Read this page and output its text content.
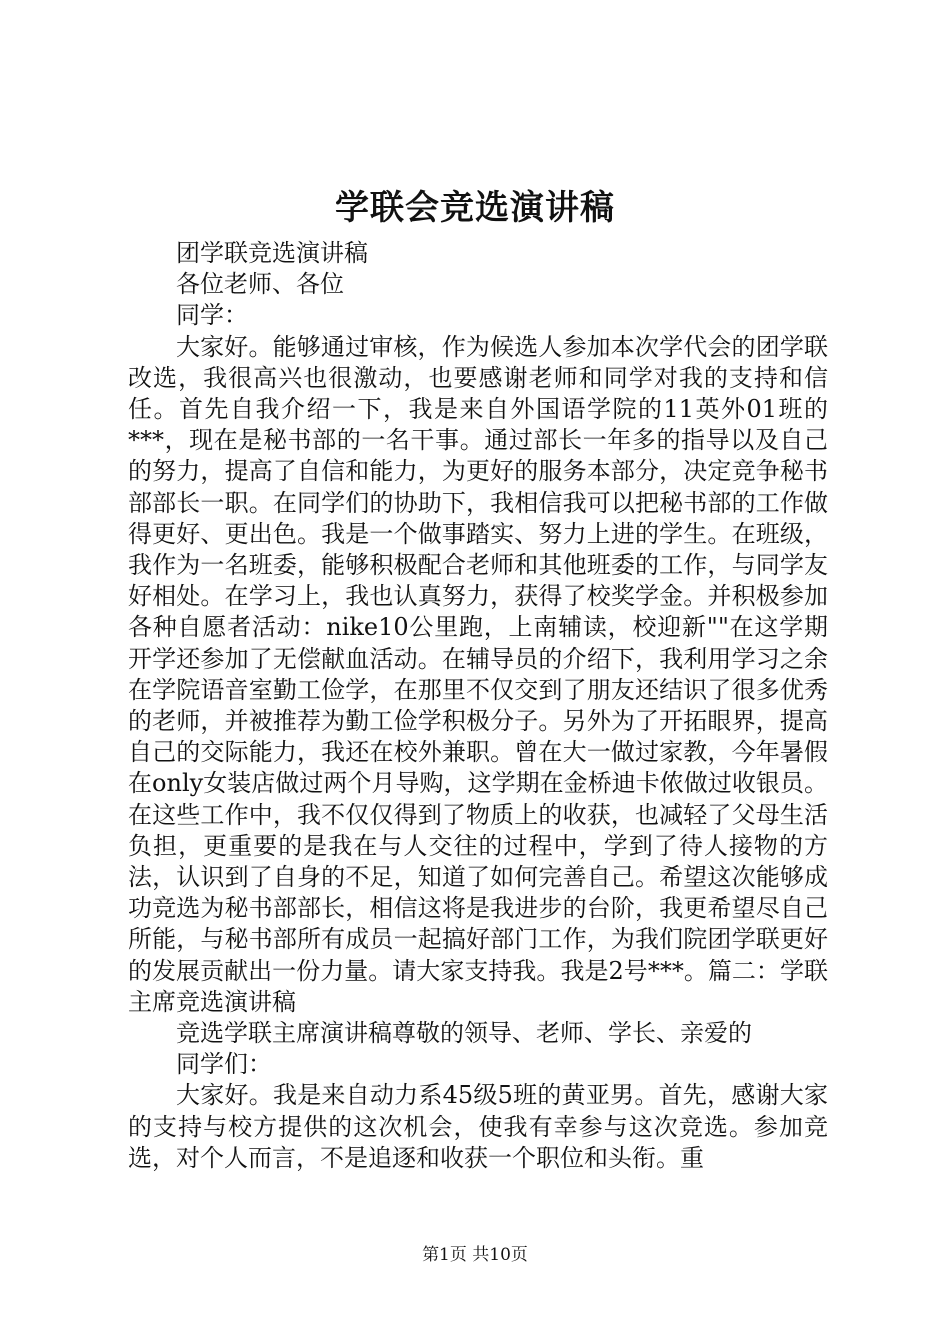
学联会竞选演讲稿

团学联竞选演讲稿

各位老师、各位

同学：

大家好。能够通过审核，作为候选人参加本次学代会的团学联改选，我很高兴也很激动，也要感谢老师和同学对我的支持和信任。首先自我介绍一下，我是来自外国语学院的11英外01班的***，现在是秘书部的一名干事。通过部长一年多的指导以及自己的努力，提高了自信和能力，为更好的服务本部分，决定竞争秘书部部长一职。在同学们的协助下，我相信我可以把秘书部的工作做得更好、更出色。我是一个做事踏实、努力上进的学生。在班级，我作为一名班委，能够积极配合老师和其他班委的工作，与同学友好相处。在学习上，我也认真努力，获得了校奖学金。并积极参加各种自愿者活动：nike10公里跑，上南辅读，校迎新""在这学期开学还参加了无偿献血活动。在辅导员的介绍下，我利用学习之余在学院语音室勤工俭学，在那里不仅交到了朋友还结识了很多优秀的老师，并被推荐为勤工俭学积极分子。另外为了开拓眼界，提高自己的交际能力，我还在校外兼职。曾在大一做过家教，今年暑假在only女装店做过两个月导购，这学期在金桥迪卡侬做过收银员。在这些工作中，我不仅仅得到了物质上的收获，也减轻了父母生活负担，更重要的是我在与人交往的过程中，学到了待人接物的方法，认识到了自身的不足，知道了如何完善自己。希望这次能够成功竞选为秘书部部长，相信这将是我进步的台阶，我更希望尽自己所能，与秘书部所有成员一起搞好部门工作，为我们院团学联更好的发展贡献出一份力量。请大家支持我。我是2号***。篇二：学联主席竞选演讲稿

竞选学联主席演讲稿尊敬的领导、老师、学长、亲爱的

同学们：

大家好。我是来自动力系45级5班的黄亚男。首先，感谢大家的支持与校方提供的这次机会，使我有幸参与这次竞选。参加竞选，对个人而言，不是追逐和收获一个职位和头衔。重

第1页 共10页
